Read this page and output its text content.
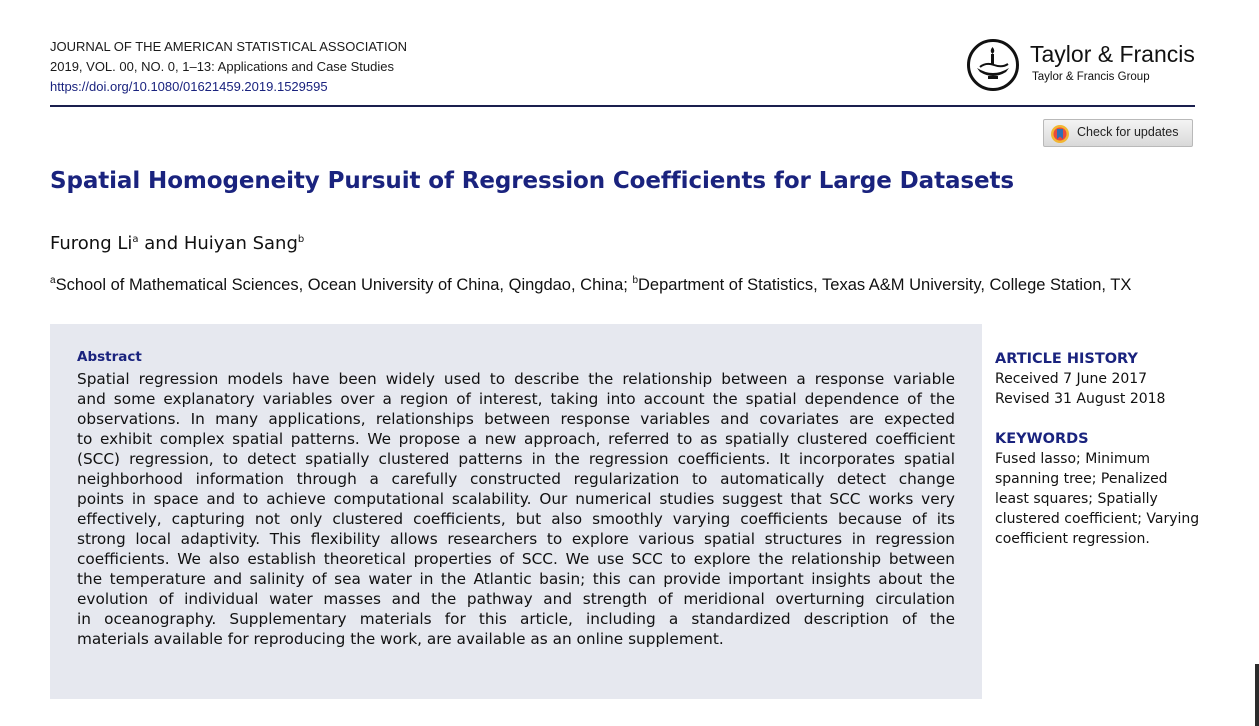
JOURNAL OF THE AMERICAN STATISTICAL ASSOCIATION
2019, VOL. 00, NO. 0, 1–13: Applications and Case Studies
https://doi.org/10.1080/01621459.2019.1529595
Taylor & Francis
Taylor & Francis Group
Check for updates
Spatial Homogeneity Pursuit of Regression Coefficients for Large Datasets
Furong Li$^a$ and Huiyan Sang$^b$
$^a$School of Mathematical Sciences, Ocean University of China, Qingdao, China; $^b$Department of Statistics, Texas A&M University, College Station, TX
Abstract
Spatial regression models have been widely used to describe the relationship between a response variable
and some explanatory variables over a region of interest, taking into account the spatial dependence of the
observations. In many applications, relationships between response variables and covariates are expected
to exhibit complex spatial patterns. We propose a new approach, referred to as spatially clustered coefficient
(SCC) regression, to detect spatially clustered patterns in the regression coefficients. It incorporates spatial
neighborhood information through a carefully constructed regularization to automatically detect change
points in space and to achieve computational scalability. Our numerical studies suggest that SCC works very
effectively, capturing not only clustered coefficients, but also smoothly varying coefficients because of its
strong local adaptivity. This flexibility allows researchers to explore various spatial structures in regression
coefficients. We also establish theoretical properties of SCC. We use SCC to explore the relationship between
the temperature and salinity of sea water in the Atlantic basin; this can provide important insights about the
evolution of individual water masses and the pathway and strength of meridional overturning circulation
in oceanography. Supplementary materials for this article, including a standardized description of the
materials available for reproducing the work, are available as an online supplement.
ARTICLE HISTORY
Received 7 June 2017
Revised 31 August 2018
KEYWORDS
Fused lasso; Minimum
spanning tree; Penalized
least squares; Spatially
clustered coefficient; Varying
coefficient regression.
